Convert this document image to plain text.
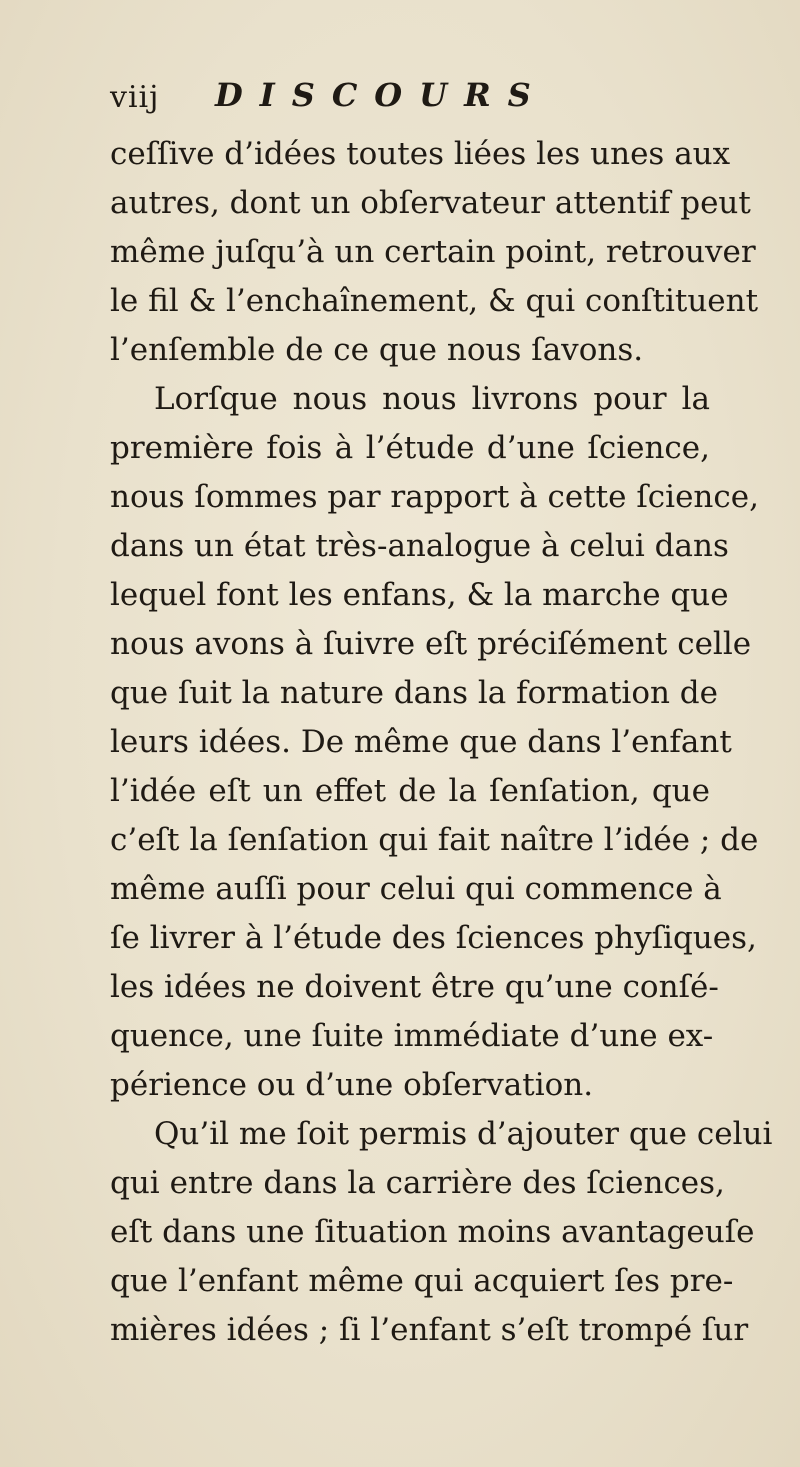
viij DISCOURS
ceſſive d’idées toutes liées les unes aux
autres, dont un obſervateur attentif peut
même juſqu’à un certain point, retrouver
le fil & l’enchaînement, & qui conſtituent
l’enſemble de ce que nous ſavons.
Lorſque nous nous livrons pour la
première fois à l’étude d’une ſcience,
nous ſommes par rapport à cette ſcience,
dans un état très-analogue à celui dans
lequel font les enfans, & la marche que
nous avons à ſuivre eſt préciſément celle
que ſuit la nature dans la formation de
leurs idées. De même que dans l’enfant
l’idée eſt un effet de la ſenſation, que
c’eſt la ſenſation qui fait naître l’idée ; de
même auſſi pour celui qui commence à
ſe livrer à l’étude des ſciences phyſiques,
les idées ne doivent être qu’une conſé-
quence, une ſuite immédiate d’une ex-
périence ou d’une obſervation.
Qu’il me ſoit permis d’ajouter que celui
qui entre dans la carrière des ſciences,
eſt dans une ſituation moins avantageuſe
que l’enfant même qui acquiert ſes pre-
mières idées ; ſi l’enfant s’eſt trompé ſur
